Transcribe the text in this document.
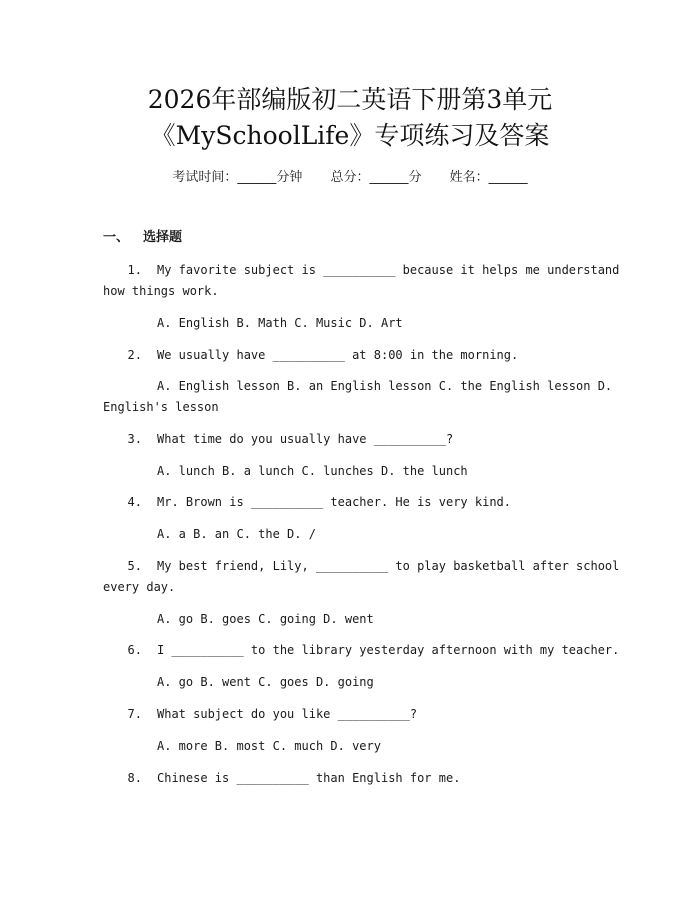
2026年部编版初二英语下册第3单元
《MySchoolLife》专项练习及答案
考试时间：______分钟 总分：______分 姓名：______
一、 选择题
1. My favorite subject is __________ because it helps me understand
how things work.
A. English B. Math C. Music D. Art
2. We usually have __________ at 8:00 in the morning.
A. English lesson B. an English lesson C. the English lesson D.
English's lesson
3. What time do you usually have __________?
A. lunch B. a lunch C. lunches D. the lunch
4. Mr. Brown is __________ teacher. He is very kind.
A. a B. an C. the D. /
5. My best friend, Lily, __________ to play basketball after school
every day.
A. go B. goes C. going D. went
6. I __________ to the library yesterday afternoon with my teacher.
A. go B. went C. goes D. going
7. What subject do you like __________?
A. more B. most C. much D. very
8. Chinese is __________ than English for me.
